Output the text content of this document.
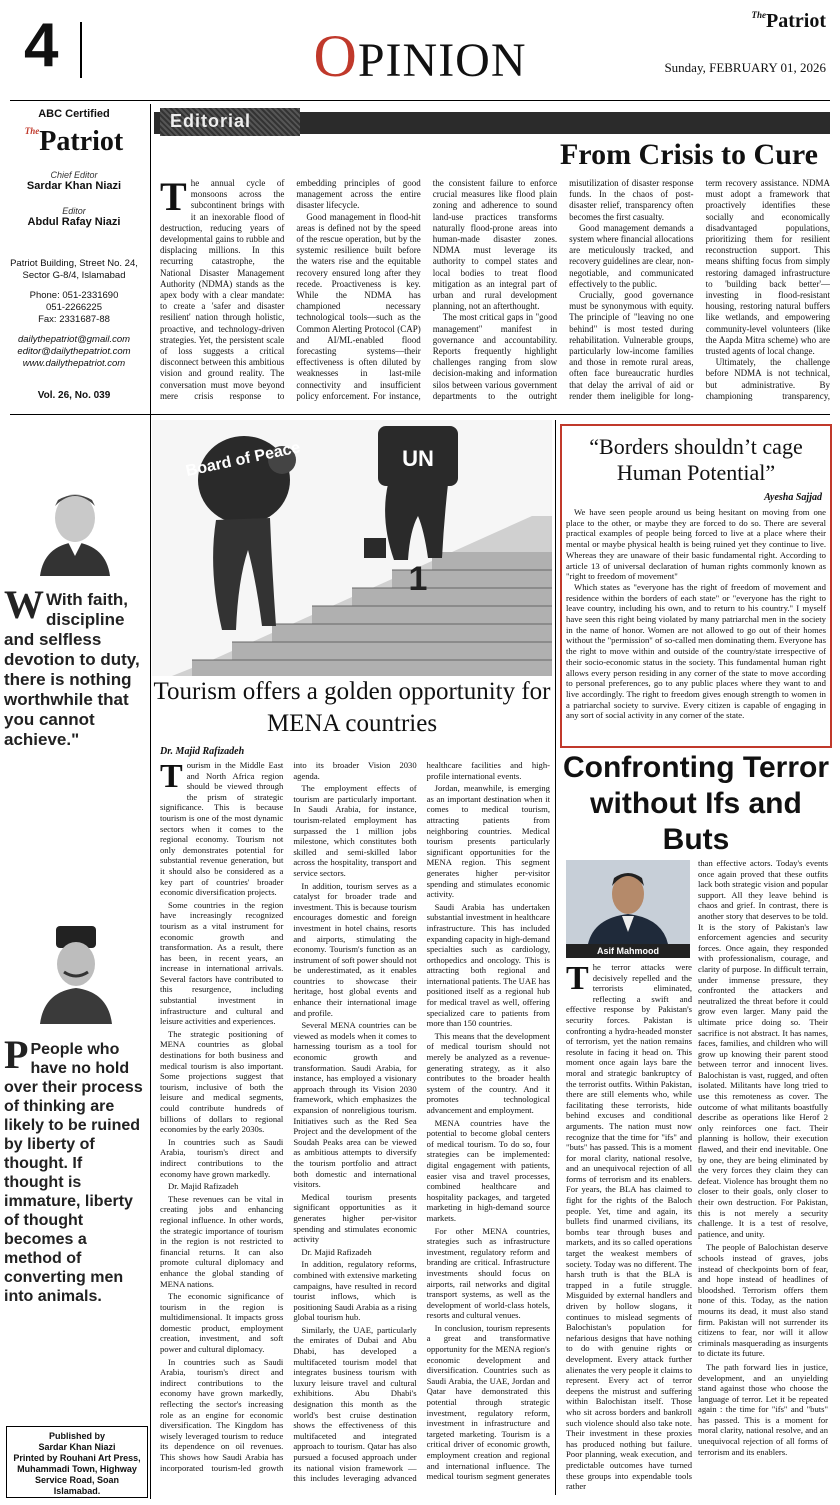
4	OPINION
$^{The}$Patriot
Sunday, FEBRUARY 01, 2026
ABC Certified
$^{The}$Patriot
Chief Editor
Sardar Khan Niazi
Editor
Abdul Rafay Niazi
Patriot Building, Street No. 24, Sector G-8/4, Islamabad
Phone: 051-2331690
051-2266225
Fax: 2331687-88
dailythepatriot@gmail.com
editor@dailythepatriot.com
www.dailythepatriot.com
Vol. 26, No. 039
Editorial
From Crisis to Cure

The annual cycle of monsoons across the subcontinent brings with it an inexorable flood of destruction, reducing years of developmental gains to rubble and displacing millions. In this recurring catastrophe, the National Disaster Management Authority (NDMA) stands as the apex body with a clear mandate: to create a 'safer and disaster resilient' nation through holistic, proactive, and technology-driven strategies. Yet, the persistent scale of loss suggests a critical disconnect between this ambitious vision and ground reality. The conversation must move beyond mere crisis response to embedding principles of good management across the entire disaster lifecycle.

Good management in flood-hit areas is defined not by the speed of the rescue operation, but by the systemic resilience built before the waters rise and the equitable recovery ensured long after they recede. Proactiveness is key. While the NDMA has championed necessary technological tools—such as the Common Alerting Protocol (CAP) and AI/ML-enabled flood forecasting systems—their effectiveness is often diluted by weaknesses in last-mile connectivity and insufficient policy enforcement. For instance, the consistent failure to enforce crucial measures like flood plain zoning and adherence to sound land-use practices transforms naturally flood-prone areas into human-made disaster zones. NDMA must leverage its authority to compel states and local bodies to treat flood mitigation as an integral part of urban and rural development planning, not an afterthought.

The most critical gaps in "good management" manifest in governance and accountability. Reports frequently highlight challenges ranging from slow decision-making and information silos between various government departments to the outright misutilization of disaster response funds. In the chaos of post-disaster relief, transparency often becomes the first casualty.

Good management demands a system where financial allocations are meticulously tracked, and recovery guidelines are clear, non-negotiable, and communicated effectively to the public.

Crucially, good governance must be synonymous with equity. The principle of "leaving no one behind" is most tested during rehabilitation. Vulnerable groups, particularly low-income families and those in remote rural areas, often face bureaucratic hurdles that delay the arrival of aid or render them ineligible for long-term recovery assistance. NDMA must adopt a framework that proactively identifies these socially and economically disadvantaged populations, prioritizing them for resilient reconstruction support. This means shifting focus from simply restoring damaged infrastructure to 'building back better'—investing in flood-resistant housing, restoring natural buffers like wetlands, and empowering community-level volunteers (like the Aapda Mitra scheme) who are trusted agents of local change.

Ultimately, the challenge before NDMA is not technical, but administrative. By championing transparency,

W With faith, discipline and selfless devotion to duty, there is nothing worthwhile that you cannot achieve."
P People who have no hold over their process of thinking are likely to be ruined by liberty of thought. If thought is immature, liberty of thought becomes a method of converting men into animals.
Published by
Sardar Khan Niazi
Printed by Rouhani Art Press, Muhammadi Town, Highway Service Road, Soan Islamabad.
UN
Board of Peace
1
Tourism offers a golden opportunity for MENA countries
Dr. Majid Rafizadeh

Tourism in the Middle East and North Africa region should be viewed through the prism of strategic significance. This is because tourism is one of the most dynamic sectors when it comes to the regional economy. Tourism not only demonstrates potential for substantial revenue generation, but it should also be considered as a key part of countries' broader economic diversification projects.

Some countries in the region have increasingly recognized tourism as a vital instrument for economic growth and transformation. As a result, there has been, in recent years, an increase in international arrivals. Several factors have contributed to this resurgence, including substantial investment in infrastructure and cultural and leisure activities and experiences.

The strategic positioning of MENA countries as global destinations for both business and medical tourism is also important. Some projections suggest that tourism, inclusive of both the leisure and medical segments, could contribute hundreds of billions of dollars to regional economies by the early 2030s.

In countries such as Saudi Arabia, tourism's direct and indirect contributions to the economy have grown markedly.

Dr. Majid Rafizadeh

These revenues can be vital in creating jobs and enhancing regional influence. In other words, the strategic importance of tourism in the region is not restricted to financial returns. It can also promote cultural diplomacy and enhance the global standing of MENA nations.

The economic significance of tourism in the region is multidimensional. It impacts gross domestic product, employment creation, investment, and soft power and cultural diplomacy.

In countries such as Saudi Arabia, tourism's direct and indirect contributions to the economy have grown markedly, reflecting the sector's increasing role as an engine for economic diversification. The Kingdom has wisely leveraged tourism to reduce its dependence on oil revenues. This shows how Saudi Arabia has incorporated tourism-led growth into its broader Vision 2030 agenda.

The employment effects of tourism are particularly important. In Saudi Arabia, for instance, tourism-related employment has surpassed the 1 million jobs milestone, which constitutes both skilled and semi-skilled labor across the hospitality, transport and service sectors.

In addition, tourism serves as a catalyst for broader trade and investment. This is because tourism encourages domestic and foreign investment in hotel chains, resorts and airports, stimulating the economy. Tourism's function as an instrument of soft power should not be underestimated, as it enables countries to showcase their heritage, host global events and enhance their international image and profile.

Several MENA countries can be viewed as models when it comes to harnessing tourism as a tool for economic growth and transformation. Saudi Arabia, for instance, has employed a visionary approach through its Vision 2030 framework, which emphasizes the expansion of nonreligious tourism. Initiatives such as the Red Sea Project and the development of the Soudah Peaks area can be viewed as ambitious attempts to diversify the tourism portfolio and attract both domestic and international visitors.

Medical tourism presents significant opportunities as it generates higher per-visitor spending and stimulates economic activity

Dr. Majid Rafizadeh

In addition, regulatory reforms, combined with extensive marketing campaigns, have resulted in record tourist inflows, which is positioning Saudi Arabia as a rising global tourism hub.

Similarly, the UAE, particularly the emirates of Dubai and Abu Dhabi, has developed a multifaceted tourism model that integrates business tourism with luxury leisure travel and cultural exhibitions. Abu Dhabi's designation this month as the world's best cruise destination shows the effectiveness of this multifaceted and integrated approach to tourism. Qatar has also pursued a focused approach under its national vision framework — this includes leveraging advanced healthcare facilities and high-profile international events.

Jordan, meanwhile, is emerging as an important destination when it comes to medical tourism, attracting patients from neighboring countries. Medical tourism presents particularly significant opportunities for the MENA region. This segment generates higher per-visitor spending and stimulates economic activity.

Saudi Arabia has undertaken substantial investment in healthcare infrastructure. This has included expanding capacity in high-demand specialties such as cardiology, orthopedics and oncology. This is attracting both regional and international patients. The UAE has positioned itself as a regional hub for medical travel as well, offering specialized care to patients from more than 150 countries.

This means that the development of medical tourism should not merely be analyzed as a revenue-generating strategy, as it also contributes to the broader health system of the country. And it promotes technological advancement and employment.

MENA countries have the potential to become global centers of medical tourism. To do so, four strategies can be implemented: digital engagement with patients, easier visa and travel processes, combined healthcare and hospitality packages, and targeted marketing in high-demand source markets.

For other MENA countries, strategies such as infrastructure investment, regulatory reform and branding are critical. Infrastructure investments should focus on airports, rail networks and digital transport systems, as well as the development of world-class hotels, resorts and cultural venues.

In conclusion, tourism represents a great and transformative opportunity for the MENA region's economic development and diversification. Countries such as Saudi Arabia, the UAE, Jordan and Qatar have demonstrated this potential through strategic investment, regulatory reform, investment in infrastructure and targeted marketing. Tourism is a critical driver of economic growth, employment creation and regional and international influence. The medical tourism segment generates

“Borders shouldn’t cage Human Potential”
Ayesha Sajjad

We have seen people around us being hesitant on moving from one place to the other, or maybe they are forced to do so. There are several practical examples of people being forced to live at a place where their mental or maybe physical health is being ruined yet they continue to live. Whereas they are unaware of their basic fundamental right. According to article 13 of universal declaration of human rights commonly known as "right to freedom of movement"

Which states as "everyone has the right of freedom of movement and residence within the borders of each state" or "everyone has the right to leave country, including his own, and to return to his country." I myself have seen this right being violated by many patriarchal men in the society in the name of honor. Women are not allowed to go out of their homes without the "permission" of so-called men dominating them. Everyone has the right to move within and outside of the country/state irrespective of their socio-economic status in the society. This fundamental human right allows every person residing in any corner of the state to move according to personal preferences, go to any public places where they want to and live accordingly. The right to freedom gives enough strength to women in a patriarchal society to survive. Every citizen is capable of engaging in any sort of social activity in any corner of the state.

Confronting Terror without Ifs and Buts
Asif Mahmood
The terror attacks were decisively repelled and the terrorists eliminated, reflecting a swift and effective response by Pakistan's security forces. Pakistan is confronting a hydra-headed monster of terrorism, yet the nation remains resolute in facing it head on. This moment once again lays bare the moral and strategic bankruptcy of the terrorist outfits. Within Pakistan, there are still elements who, while facilitating these terrorists, hide behind excuses and conditional arguments. The nation must now recognize that the time for "ifs" and "buts" has passed. This is a moment for moral clarity, national resolve, and an unequivocal rejection of all forms of terrorism and its enablers. For years, the BLA has claimed to fight for the rights of the Baloch people. Yet, time and again, its bullets find unarmed civilians, its bombs tear through buses and markets, and its so called operations target the weakest members of society. Today was no different. The harsh truth is that the BLA is trapped in a futile struggle. Misguided by external handlers and driven by hollow slogans, it continues to mislead segments of Balochistan's population for nefarious designs that have nothing to do with genuine rights or development. Every attack further alienates the very people it claims to represent. Every act of terror deepens the mistrust and suffering within Balochistan itself. Those who sit across borders and bankroll such violence should also take note. Their investment in these proxies has produced nothing but failure. Poor planning, weak execution, and predictable outcomes have turned these groups into expendable tools rather

than effective actors. Today's events once again proved that these outfits lack both strategic vision and popular support. All they leave behind is chaos and grief. In contrast, there is another story that deserves to be told. It is the story of Pakistan's law enforcement agencies and security forces. Once again, they responded with professionalism, courage, and clarity of purpose. In difficult terrain, under immense pressure, they confronted the attackers and neutralized the threat before it could grow even larger. Many paid the ultimate price doing so. Their sacrifice is not abstract. It has names, faces, families, and children who will grow up knowing their parent stood between terror and innocent lives. Balochistan is vast, rugged, and often isolated. Militants have long tried to use this remoteness as cover. The outcome of what militants boastfully describe as operations like Herof 2 only reinforces one fact. Their planning is hollow, their execution flawed, and their end inevitable. One by one, they are being eliminated by the very forces they claim they can defeat. Violence has brought them no closer to their goals, only closer to their own destruction. For Pakistan, this is not merely a security challenge. It is a test of resolve, patience, and unity.

The people of Balochistan deserve schools instead of graves, jobs instead of checkpoints born of fear, and hope instead of headlines of bloodshed. Terrorism offers them none of this. Today, as the nation mourns its dead, it must also stand firm. Pakistan will not surrender its citizens to fear, nor will it allow criminals masquerading as insurgents to dictate its future.

The path forward lies in justice, development, and an unyielding stand against those who choose the language of terror. Let it be repeated again : the time for "ifs" and "buts" has passed. This is a moment for moral clarity, national resolve, and an unequivocal rejection of all forms of terrorism and its enablers.
